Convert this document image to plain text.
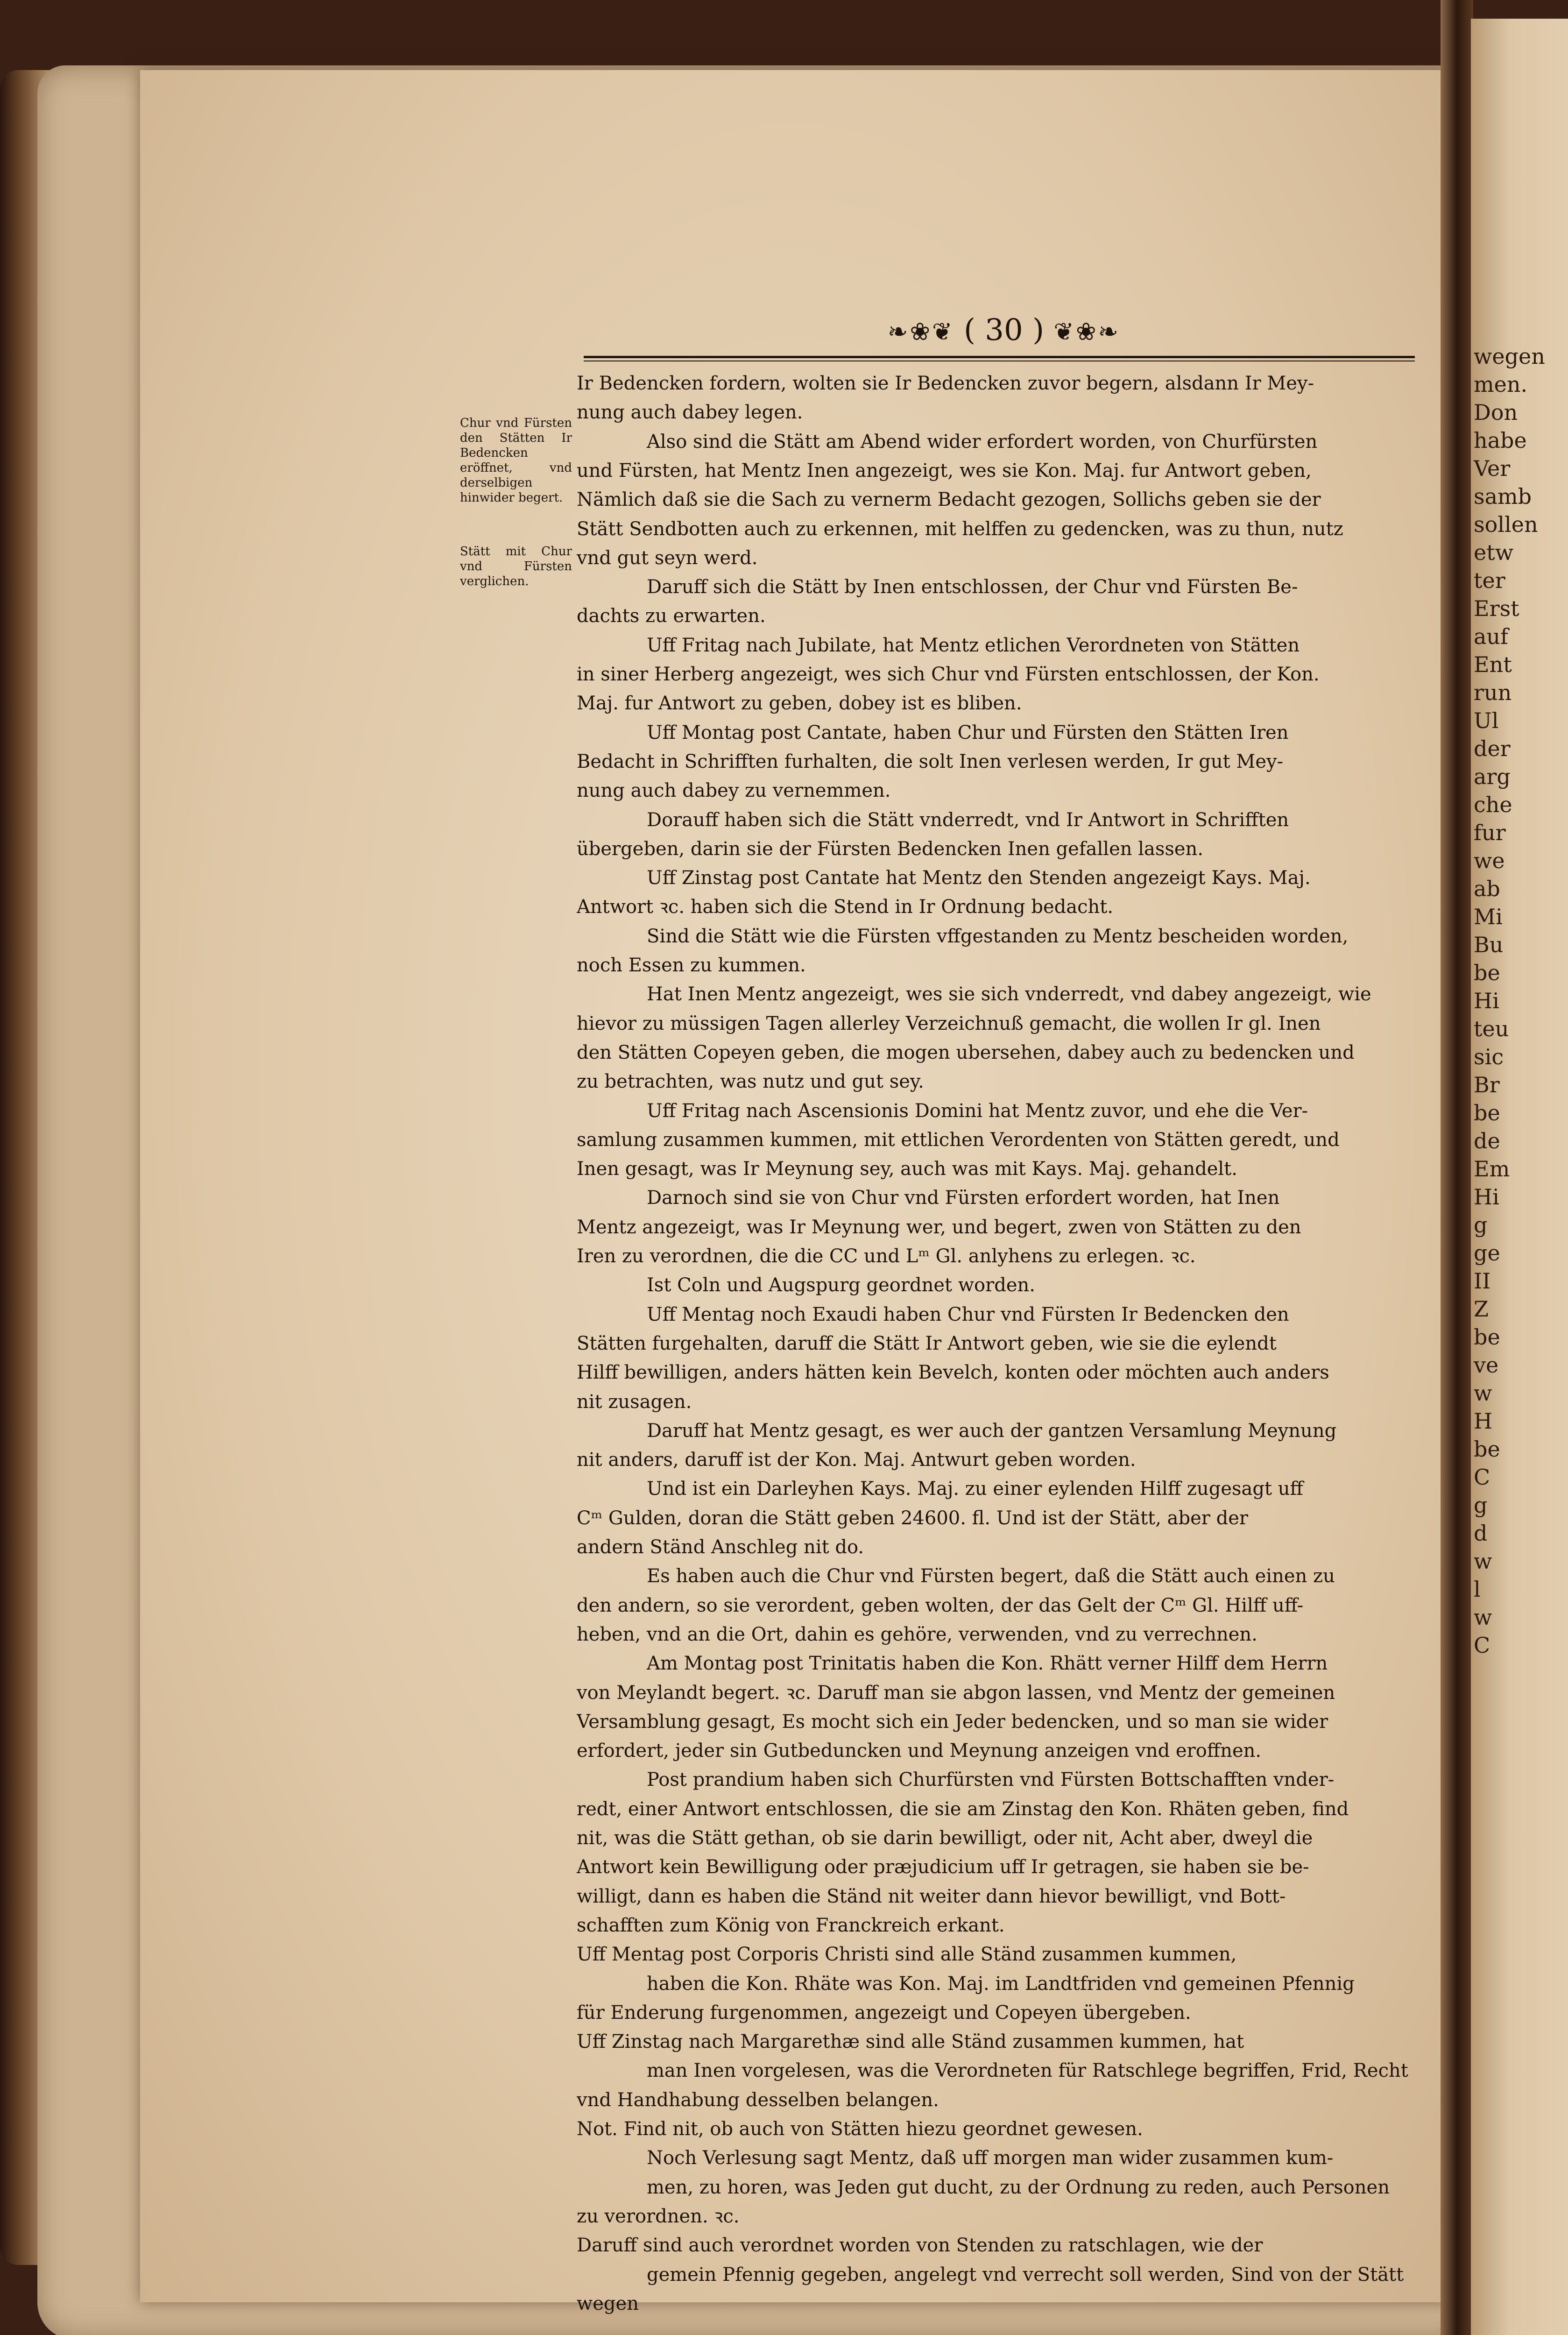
wegen
men.
Don
habe
Ver
samb
sollen
etw
ter
Erst
auf
Ent
run
Ul
der
arg
che
fur
we
ab
Mi
Bu
be
Hi
teu
sic
Br
be
de
Em
Hi
g
ge
II
Z
be
ve
w
H
be
C
g
d
w
l
w
C
❧❀❦ ( 30 ) ❦❀❧
Chur vnd Fürsten den Stätten Ir Bedencken eröffnet, vnd derselbigen hinwider begert.
Stätt mit Chur vnd Fürsten verglichen.
Ir Bedencken fordern, wolten sie Ir Bedencken zuvor begern, alsdann Ir Mey-
nung auch dabey legen.
Also sind die Stätt am Abend wider erfordert worden, von Churfürsten
und Fürsten, hat Mentz Inen angezeigt, wes sie Kon. Maj. fur Antwort geben,
Nämlich daß sie die Sach zu vernerm Bedacht gezogen, Sollichs geben sie der
Stätt Sendbotten auch zu erkennen, mit helffen zu gedencken, was zu thun, nutz
vnd gut seyn werd.
Daruff sich die Stätt by Inen entschlossen, der Chur vnd Fürsten Be-
dachts zu erwarten.
Uff Fritag nach Jubilate, hat Mentz etlichen Verordneten von Stätten
in siner Herberg angezeigt, wes sich Chur vnd Fürsten entschlossen, der Kon.
Maj. fur Antwort zu geben, dobey ist es bliben.
Uff Montag post Cantate, haben Chur und Fürsten den Stätten Iren
Bedacht in Schrifften furhalten, die solt Inen verlesen werden, Ir gut Mey-
nung auch dabey zu vernemmen.
Dorauff haben sich die Stätt vnderredt, vnd Ir Antwort in Schrifften
übergeben, darin sie der Fürsten Bedencken Inen gefallen lassen.
Uff Zinstag post Cantate hat Mentz den Stenden angezeigt Kays. Maj.
Antwort ꝛc. haben sich die Stend in Ir Ordnung bedacht.
Sind die Stätt wie die Fürsten vffgestanden zu Mentz bescheiden worden,
noch Essen zu kummen.
Hat Inen Mentz angezeigt, wes sie sich vnderredt, vnd dabey angezeigt, wie
hievor zu müssigen Tagen allerley Verzeichnuß gemacht, die wollen Ir gl. Inen
den Stätten Copeyen geben, die mogen ubersehen, dabey auch zu bedencken und
zu betrachten, was nutz und gut sey.
Uff Fritag nach Ascensionis Domini hat Mentz zuvor, und ehe die Ver-
samlung zusammen kummen, mit ettlichen Verordenten von Stätten geredt, und
Inen gesagt, was Ir Meynung sey, auch was mit Kays. Maj. gehandelt.
Darnoch sind sie von Chur vnd Fürsten erfordert worden, hat Inen
Mentz angezeigt, was Ir Meynung wer, und begert, zwen von Stätten zu den
Iren zu verordnen, die die CC und Lᵐ Gl. anlyhens zu erlegen. ꝛc.
Ist Coln und Augspurg geordnet worden.
Uff Mentag noch Exaudi haben Chur vnd Fürsten Ir Bedencken den
Stätten furgehalten, daruff die Stätt Ir Antwort geben, wie sie die eylendt
Hilff bewilligen, anders hätten kein Bevelch, konten oder möchten auch anders
nit zusagen.
Daruff hat Mentz gesagt, es wer auch der gantzen Versamlung Meynung
nit anders, daruff ist der Kon. Maj. Antwurt geben worden.
Und ist ein Darleyhen Kays. Maj. zu einer eylenden Hilff zugesagt uff
Cᵐ Gulden, doran die Stätt geben 24600. fl. Und ist der Stätt, aber der
andern Ständ Anschleg nit do.
Es haben auch die Chur vnd Fürsten begert, daß die Stätt auch einen zu
den andern, so sie verordent, geben wolten, der das Gelt der Cᵐ Gl. Hilff uff-
heben, vnd an die Ort, dahin es gehöre, verwenden, vnd zu verrechnen.
Am Montag post Trinitatis haben die Kon. Rhätt verner Hilff dem Herrn
von Meylandt begert. ꝛc. Daruff man sie abgon lassen, vnd Mentz der gemeinen
Versamblung gesagt, Es mocht sich ein Jeder bedencken, und so man sie wider
erfordert, jeder sin Gutbeduncken und Meynung anzeigen vnd eroffnen.
Post prandium haben sich Churfürsten vnd Fürsten Bottschafften vnder-
redt, einer Antwort entschlossen, die sie am Zinstag den Kon. Rhäten geben, find
nit, was die Stätt gethan, ob sie darin bewilligt, oder nit, Acht aber, dweyl die
Antwort kein Bewilligung oder præjudicium uff Ir getragen, sie haben sie be-
willigt, dann es haben die Ständ nit weiter dann hievor bewilligt, vnd Bott-
schafften zum König von Franckreich erkant.
Uff Mentag post Corporis Christi sind alle Ständ zusammen kummen,
haben die Kon. Rhäte was Kon. Maj. im Landtfriden vnd gemeinen Pfennig
für Enderung furgenommen, angezeigt und Copeyen übergeben.
Uff Zinstag nach Margarethæ sind alle Ständ zusammen kummen, hat
man Inen vorgelesen, was die Verordneten für Ratschlege begriffen, Frid, Recht
vnd Handhabung desselben belangen.
Not. Find nit, ob auch von Stätten hiezu geordnet gewesen.
Noch Verlesung sagt Mentz, daß uff morgen man wider zusammen kum-
men, zu horen, was Jeden gut ducht, zu der Ordnung zu reden, auch Personen
zu verordnen. ꝛc.
Daruff sind auch verordnet worden von Stenden zu ratschlagen, wie der
gemein Pfennig gegeben, angelegt vnd verrecht soll werden, Sind von der Stätt
wegen
